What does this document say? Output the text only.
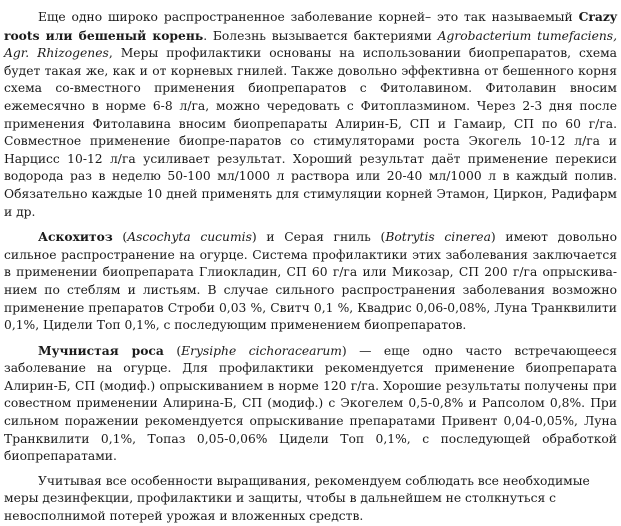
Еще одно широко распространенное заболевание корней– это так называемый Crazy roots или бешеный корень. Болезнь вызывается бактериями Agrobacterium tumefaciens, Agr. Rhizogenes, Меры профилактики основаны на использовании биопрепаратов, схема будет такая же, как и от корневых гнилей. Также довольно эффективна от бешенного корня схема со-вместного применения биопрепаратов с Фитолавином. Фитолавин вносим ежемесячно в норме 6-8 л/га, можно чередовать с Фитоплазмином. Через 2-3 дня после применения Фитолавина вносим биопрепараты Алирин-Б, СП и Гамаир, СП по 60 г/га. Совместное применение биопре-паратов со стимуляторами роста Экогель 10-12 л/га и Нарцисс 10-12 л/га усиливает результат. Хороший результат даёт применение перекиси водорода раз в неделю 50-100 мл/1000 л раствора или 20-40 мл/1000 л в каждый полив. Обязательно каждые 10 дней применять для стимуляции корней Этамон, Циркон, Радифарм и др.

Аскохитоз (Ascochyta cucumis) и Серая гниль (Botrytis cinerea) имеют довольно сильное распространение на огурце. Система профилактики этих заболевания заключается в применении биопрепарата Глиокладин, СП 60 г/га или Микозар, СП 200 г/га опрыскива-нием по стеблям и листьям. В случае сильного распространения заболевания возможно применение препаратов Строби 0,03 %, Свитч 0,1 %, Квадрис 0,06-0,08%, Луна Транквилити 0,1%, Цидели Топ 0,1%, с последующим применением биопрепаратов.

Мучнистая роса (Erysiphe cichoracearum) — еще одно часто встречающееся заболевание на огурце. Для профилактики рекомендуется применение биопрепарата Алирин-Б, СП (модиф.) опрыскиванием в норме 120 г/га. Хорошие результаты получены при совестном применении Алирина-Б, СП (модиф.) с Экогелем 0,5-0,8% и Рапсолом 0,8%. При сильном поражении рекомендуется опрыскивание препаратами Привент 0,04-0,05%, Луна Транквилити 0,1%, Топаз 0,05-0,06% Цидели Топ 0,1%, с последующей обработкой биопрепаратами.

Учитывая все особенности выращивания, рекомендуем соблюдать все необходимые меры дезинфекции, профилактики и защиты, чтобы в дальнейшем не столкнуться с невосполнимой потерей урожая и вложенных средств.
